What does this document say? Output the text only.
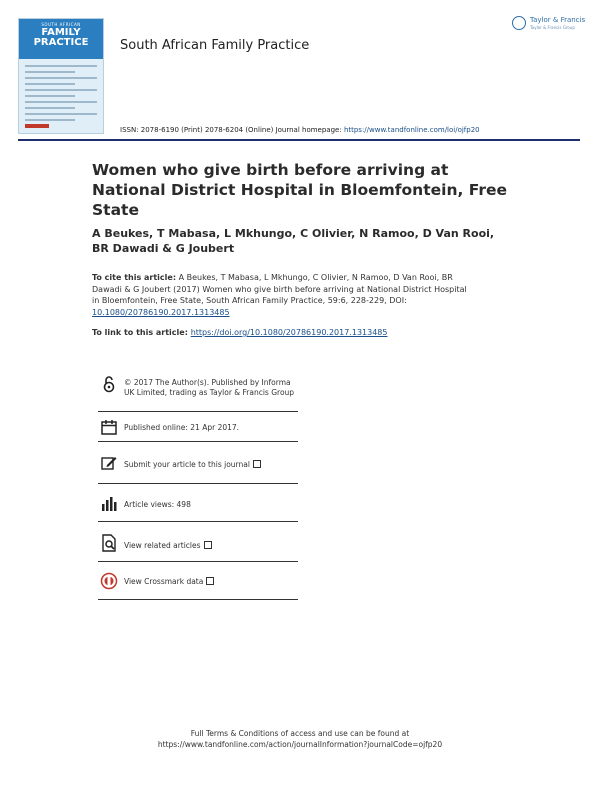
SOUTH AFRICAN
FAMILY
PRACTICE	South African Family Practice
Taylor & Francis
Taylor & Francis Group
ISSN: 2078-6190 (Print) 2078-6204 (Online) Journal homepage: https://www.tandfonline.com/loi/ojfp20
Women who give birth before arriving at National District Hospital in Bloemfontein, Free State
A Beukes, T Mabasa, L Mkhungo, C Olivier, N Ramoo, D Van Rooi, BR Dawadi & G Joubert
To cite this article: A Beukes, T Mabasa, L Mkhungo, C Olivier, N Ramoo, D Van Rooi, BR Dawadi & G Joubert (2017) Women who give birth before arriving at National District Hospital in Bloemfontein, Free State, South African Family Practice, 59:6, 228-229, DOI: 10.1080/20786190.2017.1313485
To link to this article: https://doi.org/10.1080/20786190.2017.1313485
© 2017 The Author(s). Published by Informa UK Limited, trading as Taylor & Francis Group
Published online: 21 Apr 2017.
Submit your article to this journal
Article views: 498
View related articles
View Crossmark data
Full Terms & Conditions of access and use can be found at
https://www.tandfonline.com/action/journalInformation?journalCode=ojfp20
